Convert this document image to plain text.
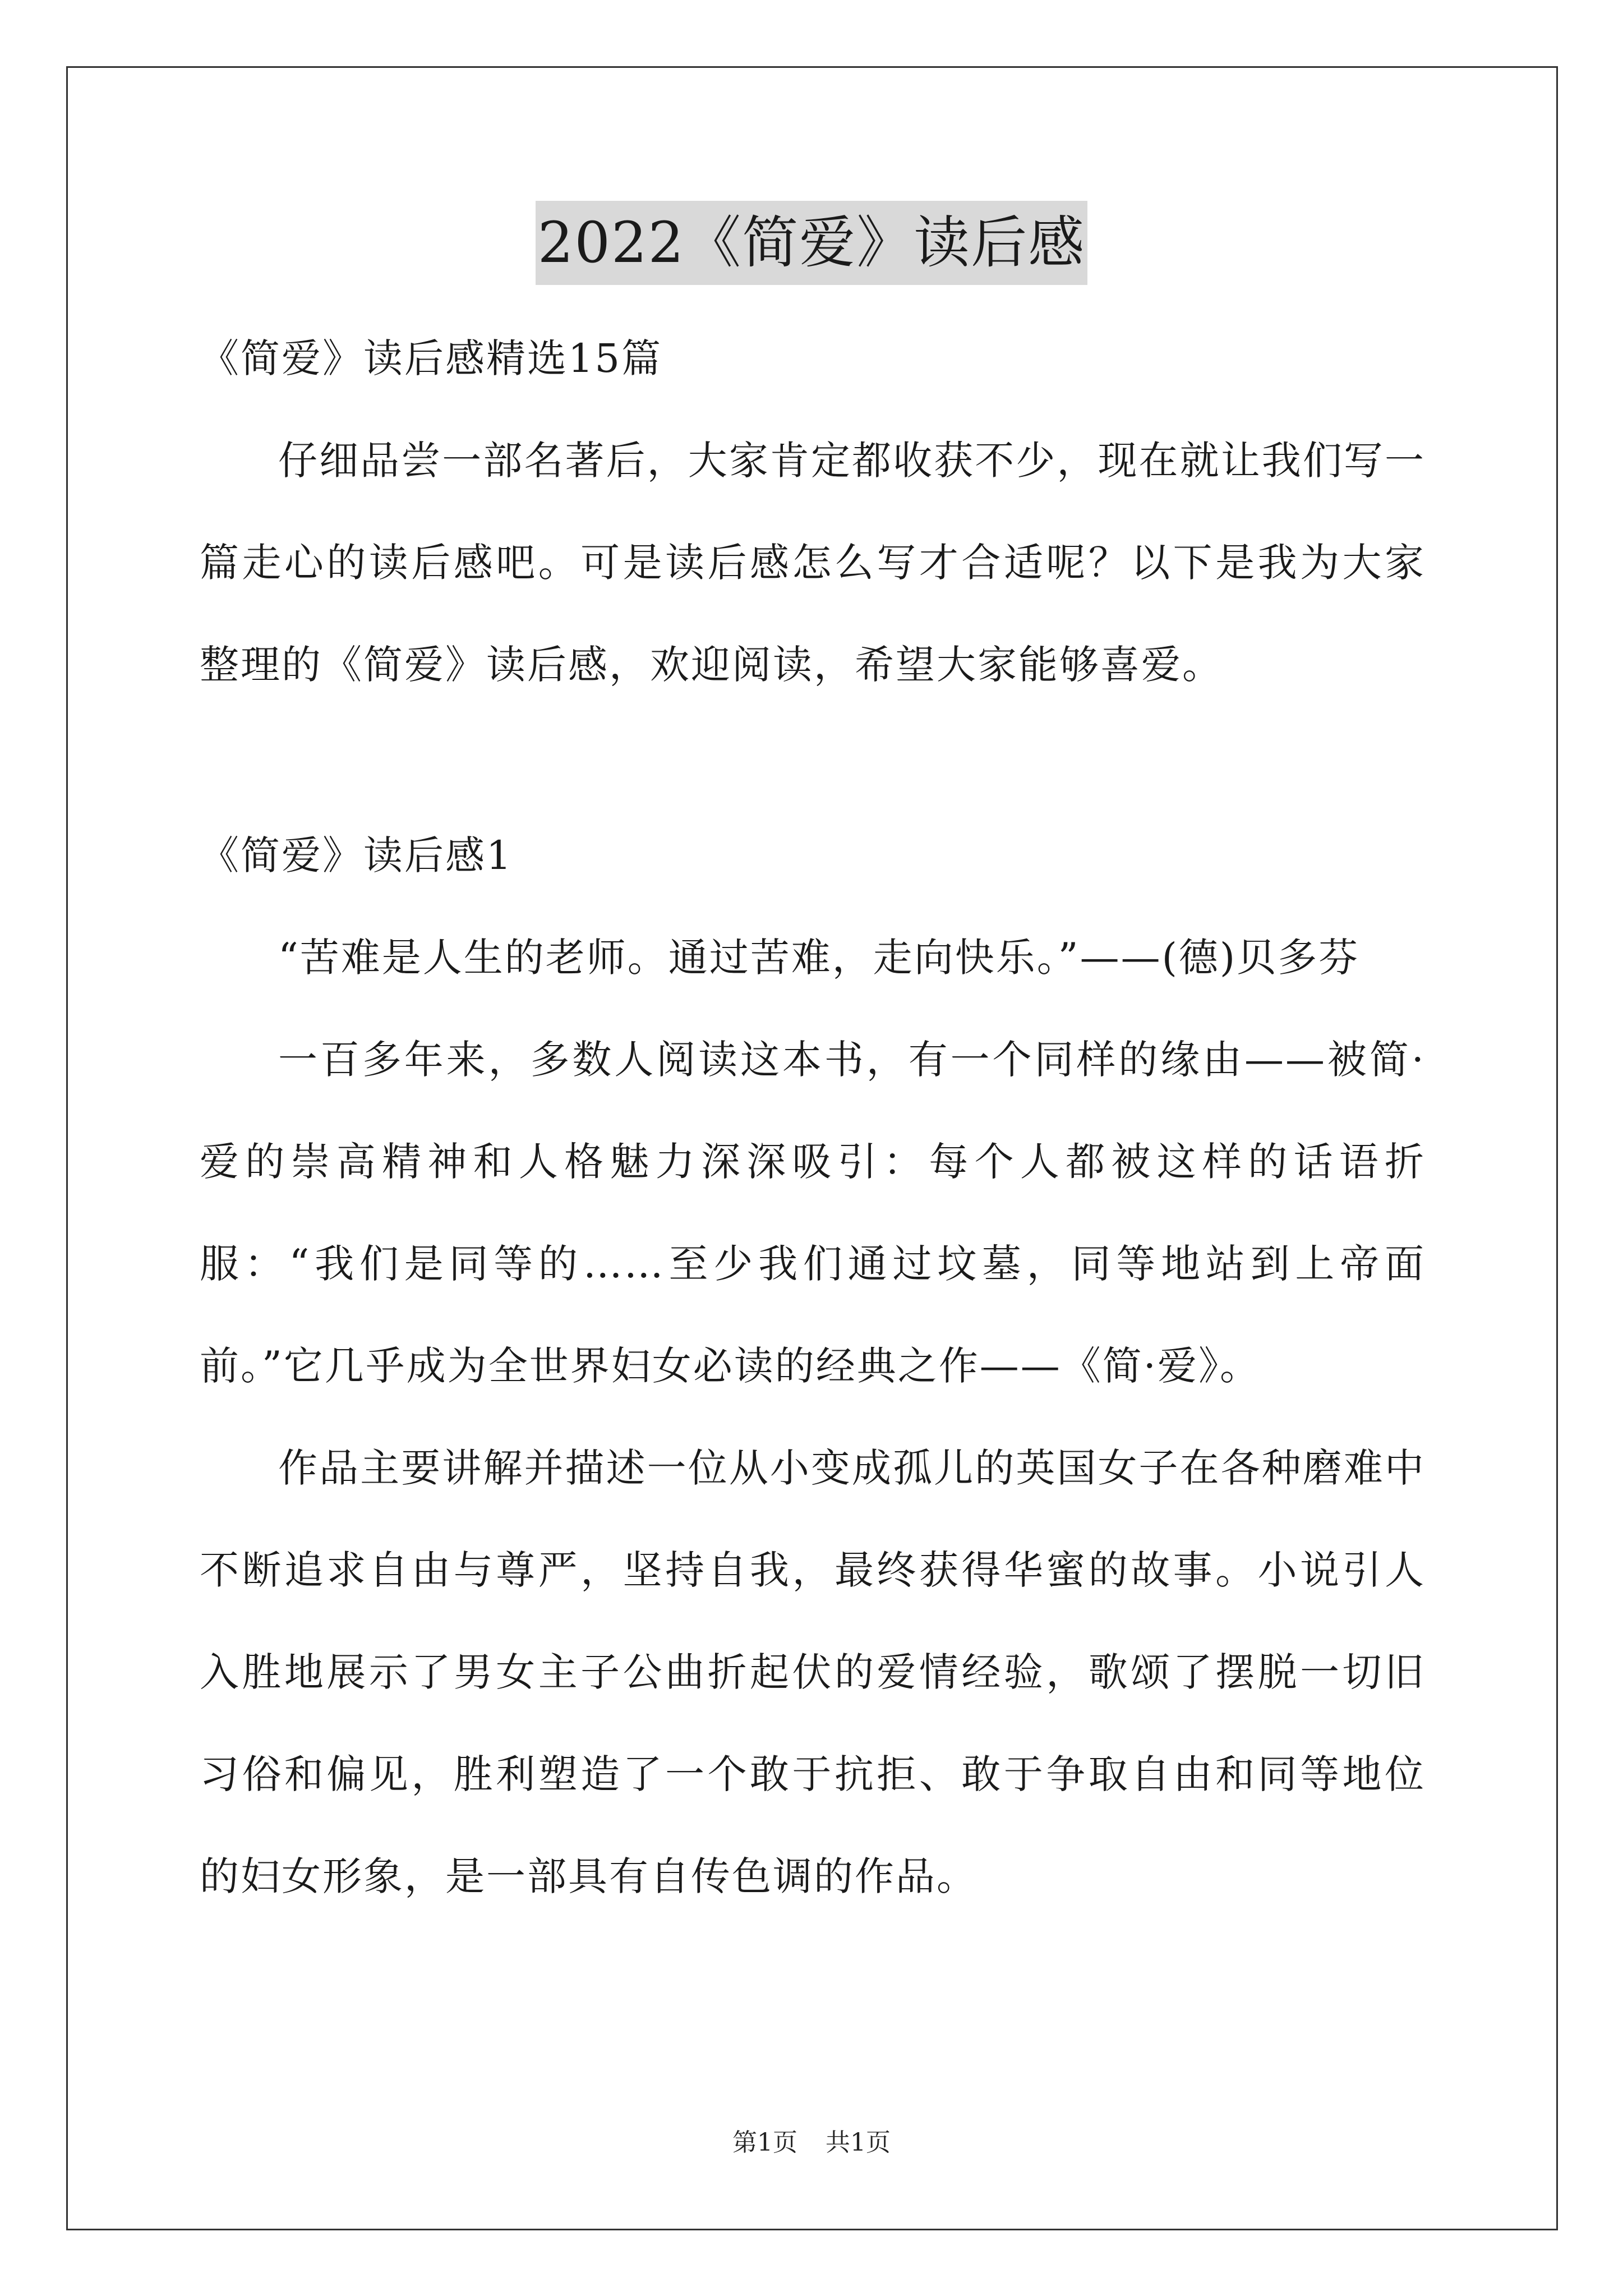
2022《简爱》读后感

《简爱》读后感精选15篇

仔细品尝一部名著后，大家肯定都收获不少，现在就让我们写一篇走心的读后感吧。可是读后感怎么写才合适呢？以下是我为大家整理的《简爱》读后感，欢迎阅读，希望大家能够喜爱。

《简爱》读后感1

“苦难是人生的老师。通过苦难，走向快乐。”——(德)贝多芬

一百多年来，多数人阅读这本书，有一个同样的缘由——被简·爱的崇高精神和人格魅力深深吸引：每个人都被这样的话语折服：“我们是同等的……至少我们通过坟墓，同等地站到上帝面前。”它几乎成为全世界妇女必读的经典之作——《简·爱》。

作品主要讲解并描述一位从小变成孤儿的英国女子在各种磨难中不断追求自由与尊严，坚持自我，最终获得华蜜的故事。小说引人入胜地展示了男女主子公曲折起伏的爱情经验，歌颂了摆脱一切旧习俗和偏见，胜利塑造了一个敢于抗拒、敢于争取自由和同等地位的妇女形象，是一部具有自传色调的作品。

第1页 共1页
